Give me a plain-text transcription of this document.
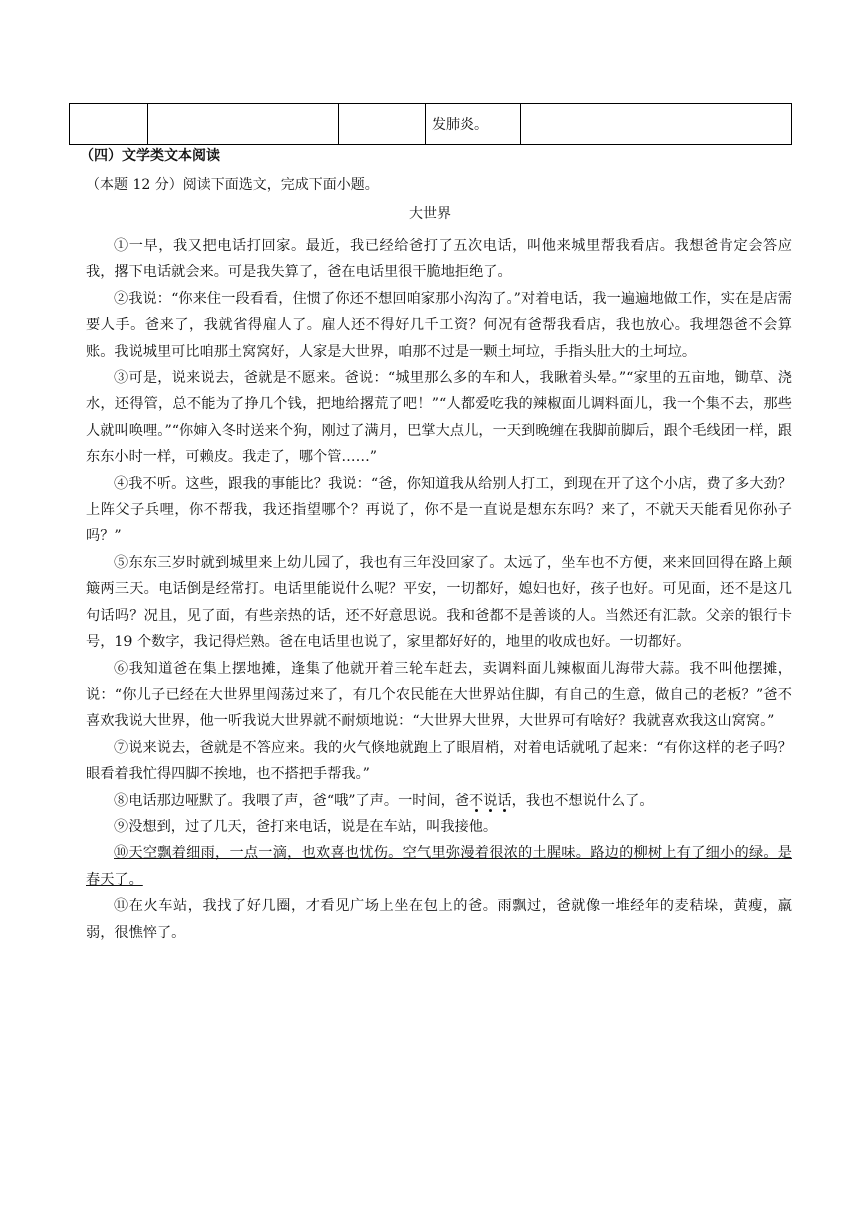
			发肺炎。	
（四）文学类文本阅读
（本题 12 分）阅读下面选文，完成下面小题。
大世界

①一早，我又把电话打回家。最近，我已经给爸打了五次电话，叫他来城里帮我看店。我想爸肯定会答应我，撂下电话就会来。可是我失算了，爸在电话里很干脆地拒绝了。

②我说：“你来住一段看看，住惯了你还不想回咱家那小沟沟了。”对着电话，我一遍遍地做工作，实在是店需要人手。爸来了，我就省得雇人了。雇人还不得好几千工资？何况有爸帮我看店，我也放心。我埋怨爸不会算账。我说城里可比咱那土窝窝好，人家是大世界，咱那不过是一颗土坷垃，手指头肚大的土坷垃。

③可是，说来说去，爸就是不愿来。爸说：“城里那么多的车和人，我瞅着头晕。”“家里的五亩地，锄草、浇水，还得管，总不能为了挣几个钱，把地给撂荒了吧！”“人都爱吃我的辣椒面儿调料面儿，我一个集不去，那些人就叫唤哩。”“你婶入冬时送来个狗，刚过了满月，巴掌大点儿，一天到晚缠在我脚前脚后，跟个毛线团一样，跟东东小时一样，可赖皮。我走了，哪个管……”

④我不听。这些，跟我的事能比？我说：“爸，你知道我从给别人打工，到现在开了这个小店，费了多大劲？上阵父子兵哩，你不帮我，我还指望哪个？再说了，你不是一直说是想东东吗？来了，不就天天能看见你孙子吗？”

⑤东东三岁时就到城里来上幼儿园了，我也有三年没回家了。太远了，坐车也不方便，来来回回得在路上颠簸两三天。电话倒是经常打。电话里能说什么呢？平安，一切都好，媳妇也好，孩子也好。可见面，还不是这几句话吗？况且，见了面，有些亲热的话，还不好意思说。我和爸都不是善谈的人。当然还有汇款。父亲的银行卡号，19 个数字，我记得烂熟。爸在电话里也说了，家里都好好的，地里的收成也好。一切都好。

⑥我知道爸在集上摆地摊，逢集了他就开着三轮车赶去，卖调料面儿辣椒面儿海带大蒜。我不叫他摆摊，说：“你儿子已经在大世界里闯荡过来了，有几个农民能在大世界站住脚，有自己的生意，做自己的老板？”爸不喜欢我说大世界，他一听我说大世界就不耐烦地说：“大世界大世界，大世界可有啥好？我就喜欢我这山窝窝。”

⑦说来说去，爸就是不答应来。我的火气倏地就跑上了眼眉梢，对着电话就吼了起来：“有你这样的老子吗？眼看着我忙得四脚不挨地，也不搭把手帮我。”

⑧电话那边哑默了。我喂了声，爸“哦”了声。一时间，爸不说话，我也不想说什么了。

⑨没想到，过了几天，爸打来电话，说是在车站，叫我接他。

⑩天空飘着细雨，一点一滴，也欢喜也忧伤。空气里弥漫着很浓的土腥味。路边的柳树上有了细小的绿。是春天了。

⑪在火车站，我找了好几圈，才看见广场上坐在包上的爸。雨飘过，爸就像一堆经年的麦秸垛，黄瘦，羸弱，很憔悴了。
